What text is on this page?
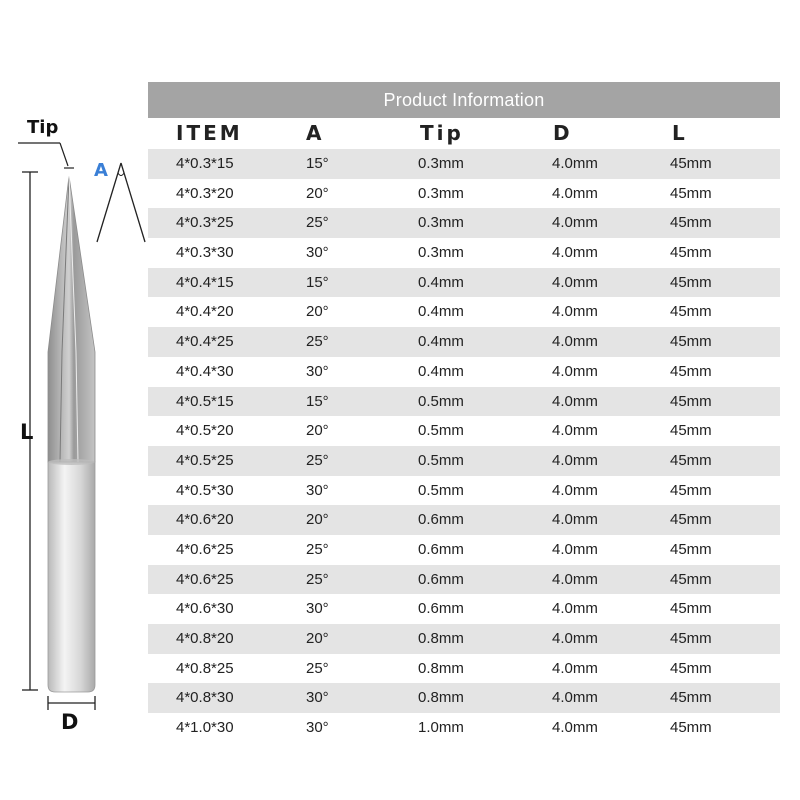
Tip
A
L
D
Product Information
ITEM	A	Tip	D	L
4*0.3*15	15°	0.3mm	4.0mm	45mm
4*0.3*20	20°	0.3mm	4.0mm	45mm
4*0.3*25	25°	0.3mm	4.0mm	45mm
4*0.3*30	30°	0.3mm	4.0mm	45mm
4*0.4*15	15°	0.4mm	4.0mm	45mm
4*0.4*20	20°	0.4mm	4.0mm	45mm
4*0.4*25	25°	0.4mm	4.0mm	45mm
4*0.4*30	30°	0.4mm	4.0mm	45mm
4*0.5*15	15°	0.5mm	4.0mm	45mm
4*0.5*20	20°	0.5mm	4.0mm	45mm
4*0.5*25	25°	0.5mm	4.0mm	45mm
4*0.5*30	30°	0.5mm	4.0mm	45mm
4*0.6*20	20°	0.6mm	4.0mm	45mm
4*0.6*25	25°	0.6mm	4.0mm	45mm
4*0.6*25	25°	0.6mm	4.0mm	45mm
4*0.6*30	30°	0.6mm	4.0mm	45mm
4*0.8*20	20°	0.8mm	4.0mm	45mm
4*0.8*25	25°	0.8mm	4.0mm	45mm
4*0.8*30	30°	0.8mm	4.0mm	45mm
4*1.0*30	30°	1.0mm	4.0mm	45mm
